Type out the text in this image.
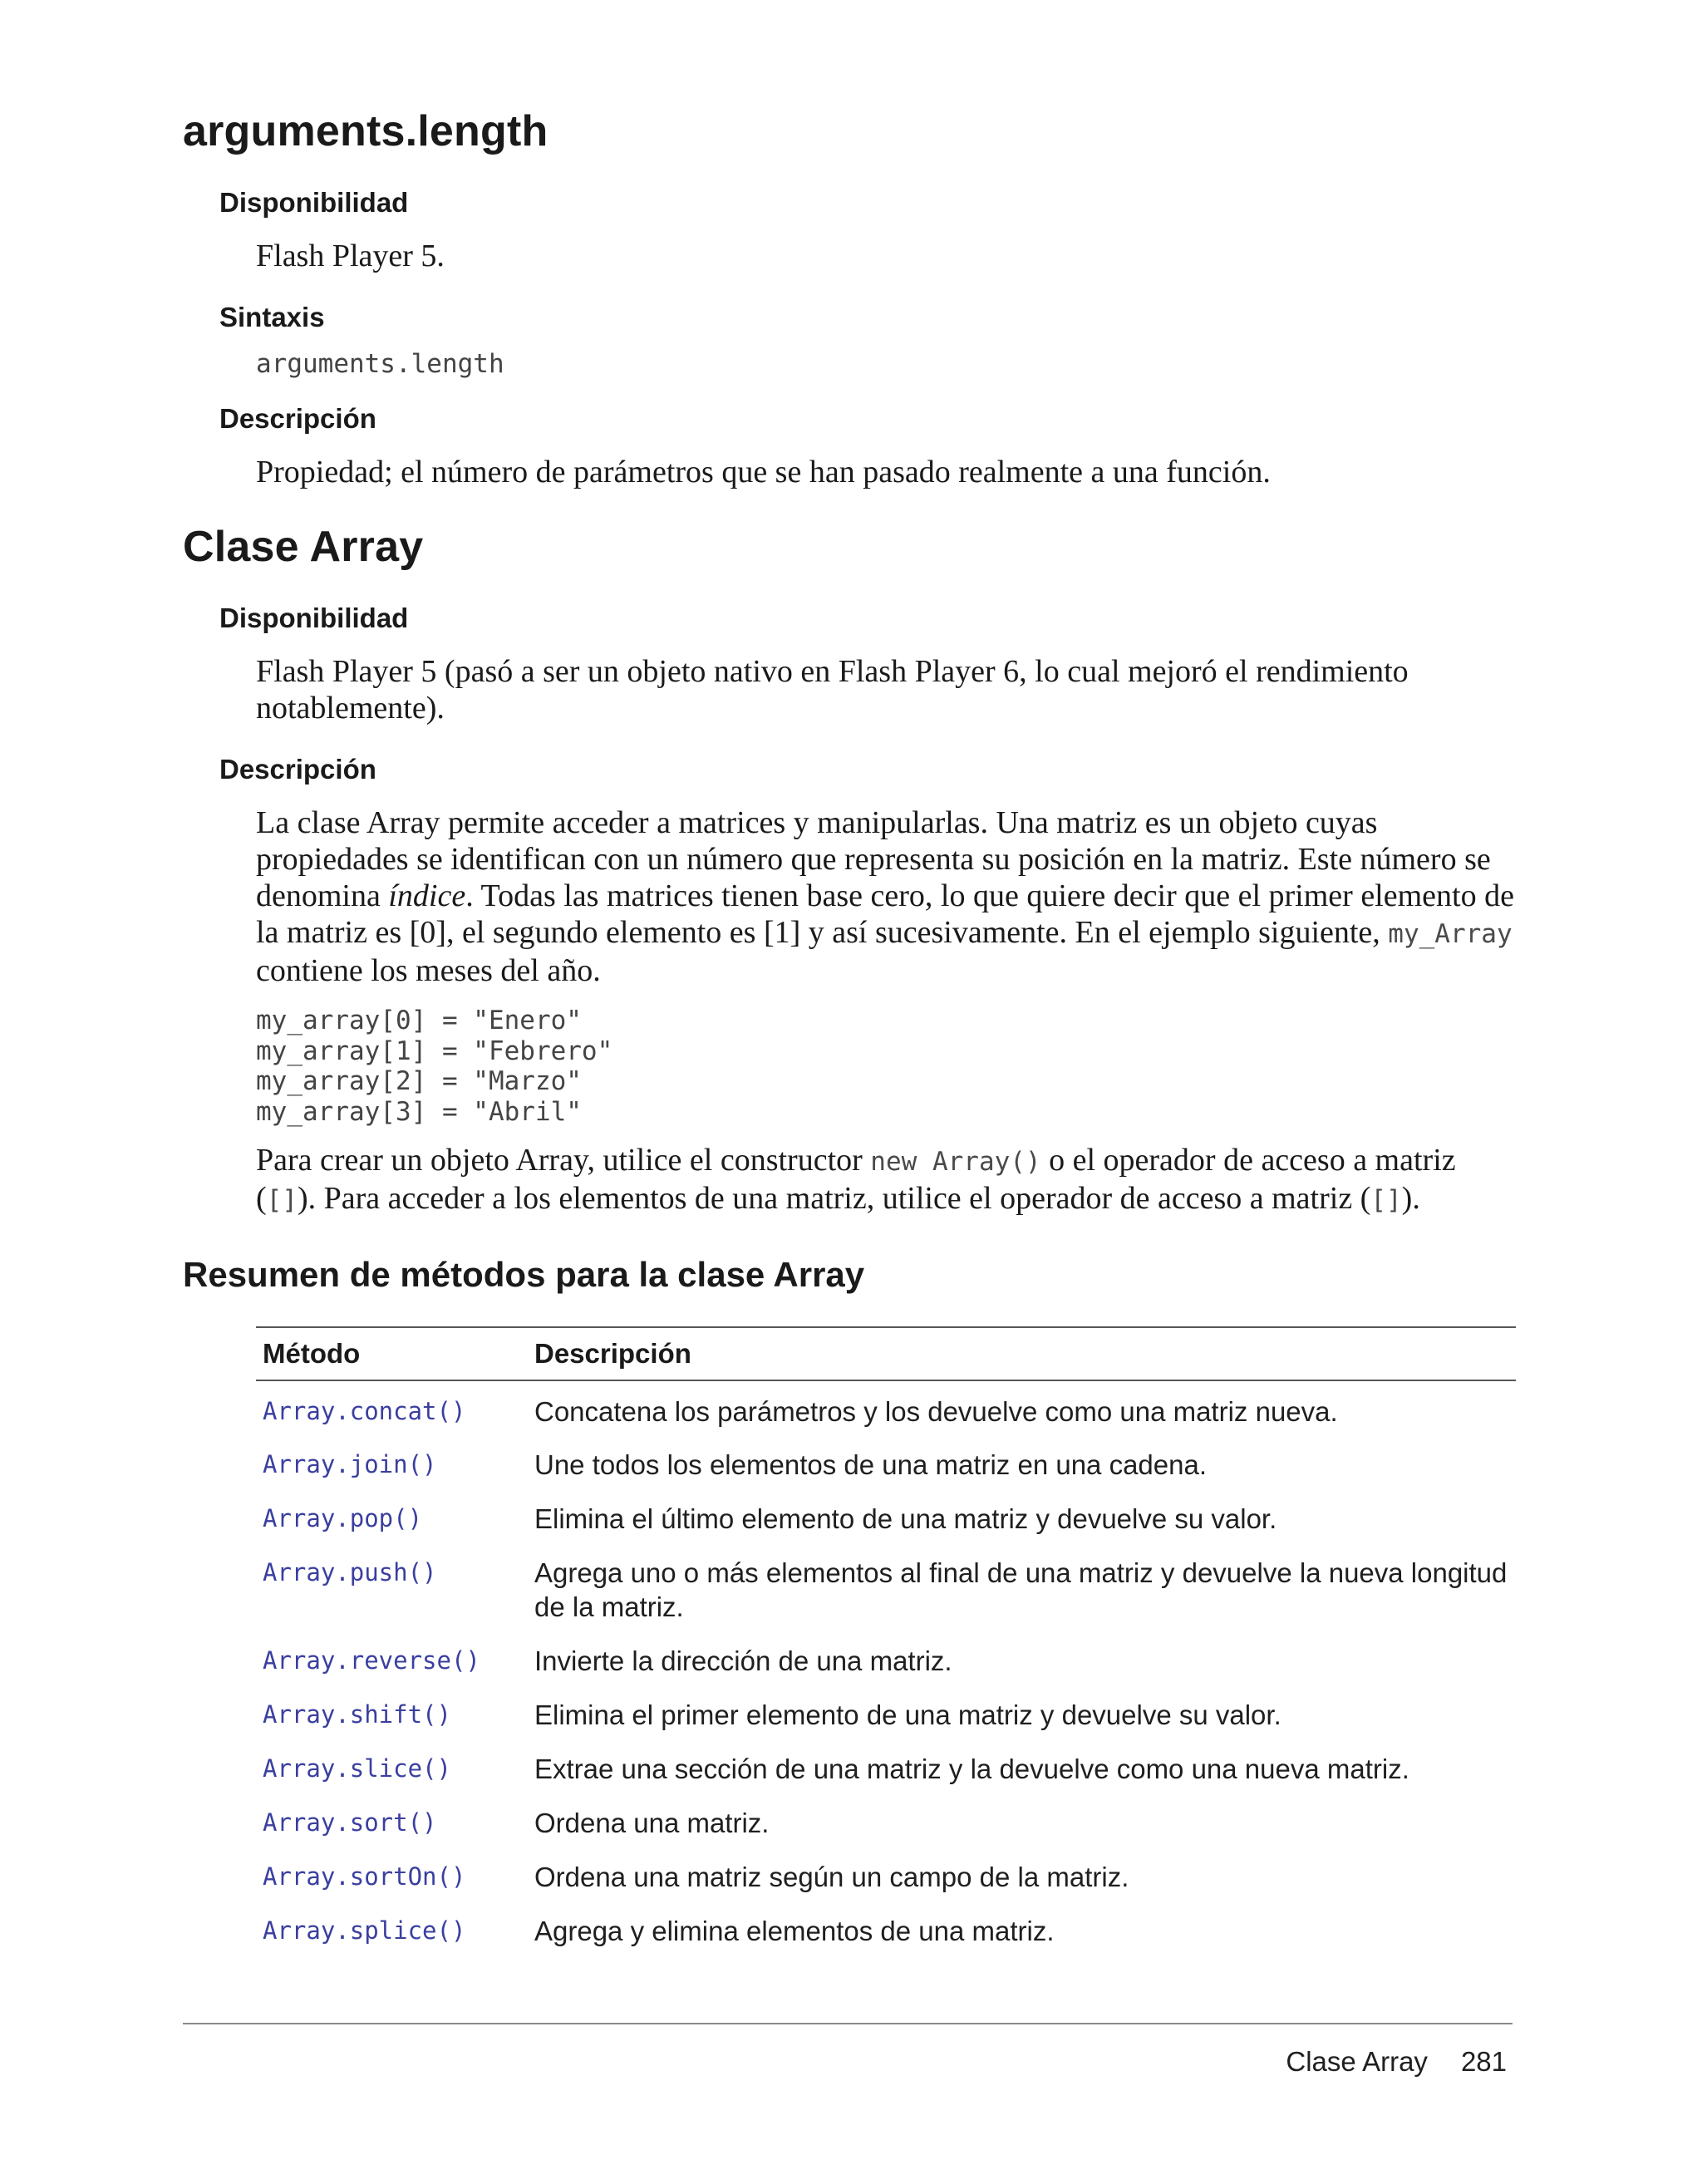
arguments.length
Disponibilidad

Flash Player 5.

Sintaxis
arguments.length
Descripción

Propiedad; el número de parámetros que se han pasado realmente a una función.

Clase Array
Disponibilidad

Flash Player 5 (pasó a ser un objeto nativo en Flash Player 6, lo cual mejoró el rendimiento notablemente).

Descripción

La clase Array permite acceder a matrices y manipularlas. Una matriz es un objeto cuyas propiedades se identifican con un número que representa su posición en la matriz. Este número se denomina índice. Todas las matrices tienen base cero, lo que quiere decir que el primer elemento de la matriz es [0], el segundo elemento es [1] y así sucesivamente. En el ejemplo siguiente, my_Array contiene los meses del año.

my_array[0] = "Enero"
my_array[1] = "Febrero"
my_array[2] = "Marzo"
my_array[3] = "Abril"

Para crear un objeto Array, utilice el constructor new Array() o el operador de acceso a matriz ([]). Para acceder a los elementos de una matriz, utilice el operador de acceso a matriz ([]).

Resumen de métodos para la clase Array
Método	Descripción
Array.concat()	Concatena los parámetros y los devuelve como una matriz nueva.
Array.join()	Une todos los elementos de una matriz en una cadena.
Array.pop()	Elimina el último elemento de una matriz y devuelve su valor.
Array.push()	Agrega uno o más elementos al final de una matriz y devuelve la nueva longitud de la matriz.
Array.reverse()	Invierte la dirección de una matriz.
Array.shift()	Elimina el primer elemento de una matriz y devuelve su valor.
Array.slice()	Extrae una sección de una matriz y la devuelve como una nueva matriz.
Array.sort()	Ordena una matriz.
Array.sortOn()	Ordena una matriz según un campo de la matriz.
Array.splice()	Agrega y elimina elementos de una matriz.
Clase Array 281
